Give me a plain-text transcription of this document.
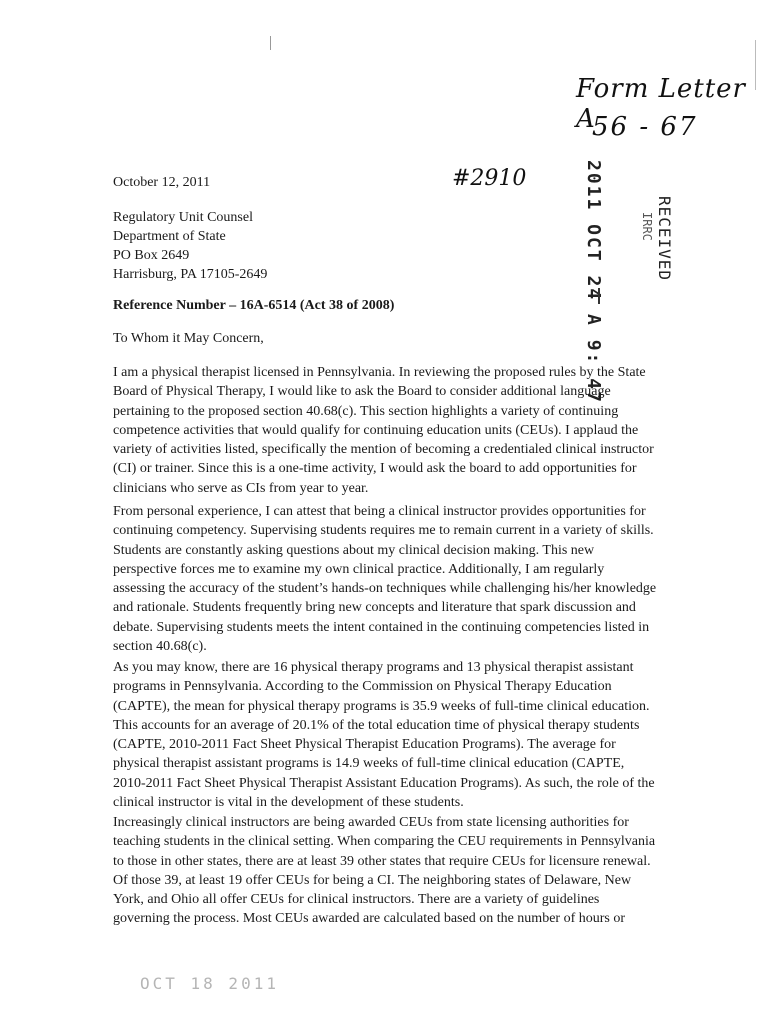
Form Letter A
56 - 67
#2910	2011 OCT 24 A 9: 47	RECEIVED
IRRC
October 12, 2011
Regulatory Unit Counsel
Department of State
PO Box 2649
Harrisburg, PA 17105-2649
Reference Number – 16A-6514 (Act 38 of 2008)
To Whom it May Concern,
I am a physical therapist licensed in Pennsylvania. In reviewing the proposed rules by the State
Board of Physical Therapy, I would like to ask the Board to consider additional language
pertaining to the proposed section 40.68(c). This section highlights a variety of continuing
competence activities that would qualify for continuing education units (CEUs). I applaud the
variety of activities listed, specifically the mention of becoming a credentialed clinical instructor
(CI) or trainer. Since this is a one-time activity, I would ask the board to add opportunities for
clinicians who serve as CIs from year to year.
From personal experience, I can attest that being a clinical instructor provides opportunities for
continuing competency. Supervising students requires me to remain current in a variety of skills.
Students are constantly asking questions about my clinical decision making. This new
perspective forces me to examine my own clinical practice. Additionally, I am regularly
assessing the accuracy of the student’s hands-on techniques while challenging his/her knowledge
and rationale. Students frequently bring new concepts and literature that spark discussion and
debate. Supervising students meets the intent contained in the continuing competencies listed in
section 40.68(c).
As you may know, there are 16 physical therapy programs and 13 physical therapist assistant
programs in Pennsylvania. According to the Commission on Physical Therapy Education
(CAPTE), the mean for physical therapy programs is 35.9 weeks of full-time clinical education.
This accounts for an average of 20.1% of the total education time of physical therapy students
(CAPTE, 2010-2011 Fact Sheet Physical Therapist Education Programs). The average for
physical therapist assistant programs is 14.9 weeks of full-time clinical education (CAPTE,
2010-2011 Fact Sheet Physical Therapist Assistant Education Programs). As such, the role of the
clinical instructor is vital in the development of these students.
Increasingly clinical instructors are being awarded CEUs from state licensing authorities for
teaching students in the clinical setting. When comparing the CEU requirements in Pennsylvania
to those in other states, there are at least 39 other states that require CEUs for licensure renewal.
Of those 39, at least 19 offer CEUs for being a CI. The neighboring states of Delaware, New
York, and Ohio all offer CEUs for clinical instructors. There are a variety of guidelines
governing the process. Most CEUs awarded are calculated based on the number of hours or
OCT 18 2011
